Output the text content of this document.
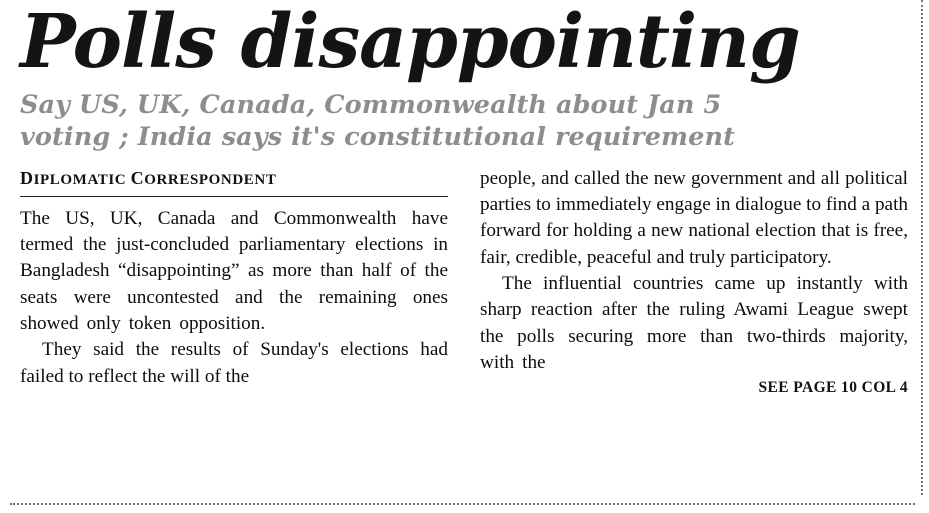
Polls disappointing
Say US, UK, Canada, Commonwealth about Jan 5
voting ; India says it's constitutional requirement
DIPLOMATIC CORRESPONDENT

The US, UK, Canada and Commonwealth have termed the just-concluded parliamentary elections in Bangladesh “disappointing” as more than half of the seats were uncontested and the remaining ones showed only token opposition.

They said the results of Sunday's elections had failed to reflect the will of the

people, and called the new government and all political parties to immediately engage in dialogue to find a path forward for holding a new national election that is free, fair, credible, peaceful and truly participatory.

The influential countries came up instantly with sharp reaction after the ruling Awami League swept the polls securing more than two-thirds majority, with the

SEE PAGE 10 COL 4
